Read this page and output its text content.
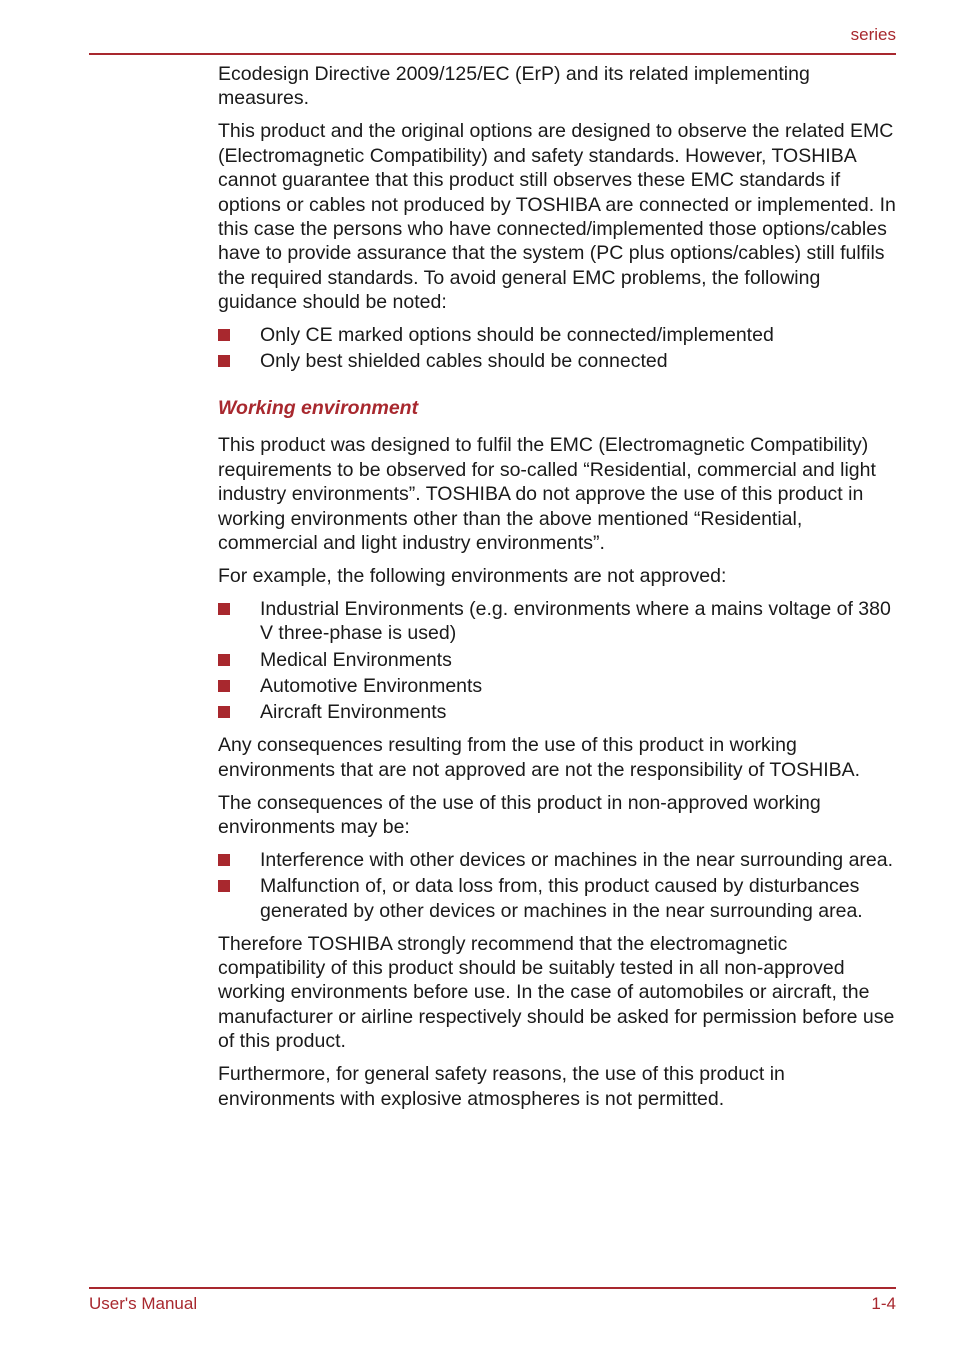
series

Ecodesign Directive 2009/125/EC (ErP) and its related implementing measures.

This product and the original options are designed to observe the related EMC (Electromagnetic Compatibility) and safety standards. However, TOSHIBA cannot guarantee that this product still observes these EMC standards if options or cables not produced by TOSHIBA are connected or implemented. In this case the persons who have connected/implemented those options/cables have to provide assurance that the system (PC plus options/cables) still fulfils the required standards. To avoid general EMC problems, the following guidance should be noted:

Only CE marked options should be connected/implemented
Only best shielded cables should be connected
Working environment

This product was designed to fulfil the EMC (Electromagnetic Compatibility) requirements to be observed for so-called “Residential, commercial and light industry environments”. TOSHIBA do not approve the use of this product in working environments other than the above mentioned “Residential, commercial and light industry environments”.

For example, the following environments are not approved:

Industrial Environments (e.g. environments where a mains voltage of 380 V three-phase is used)
Medical Environments
Automotive Environments
Aircraft Environments

Any consequences resulting from the use of this product in working environments that are not approved are not the responsibility of TOSHIBA.

The consequences of the use of this product in non-approved working environments may be:

Interference with other devices or machines in the near surrounding area.
Malfunction of, or data loss from, this product caused by disturbances generated by other devices or machines in the near surrounding area.

Therefore TOSHIBA strongly recommend that the electromagnetic compatibility of this product should be suitably tested in all non-approved working environments before use. In the case of automobiles or aircraft, the manufacturer or airline respectively should be asked for permission before use of this product.

Furthermore, for general safety reasons, the use of this product in environments with explosive atmospheres is not permitted.

User's Manual	1-4
